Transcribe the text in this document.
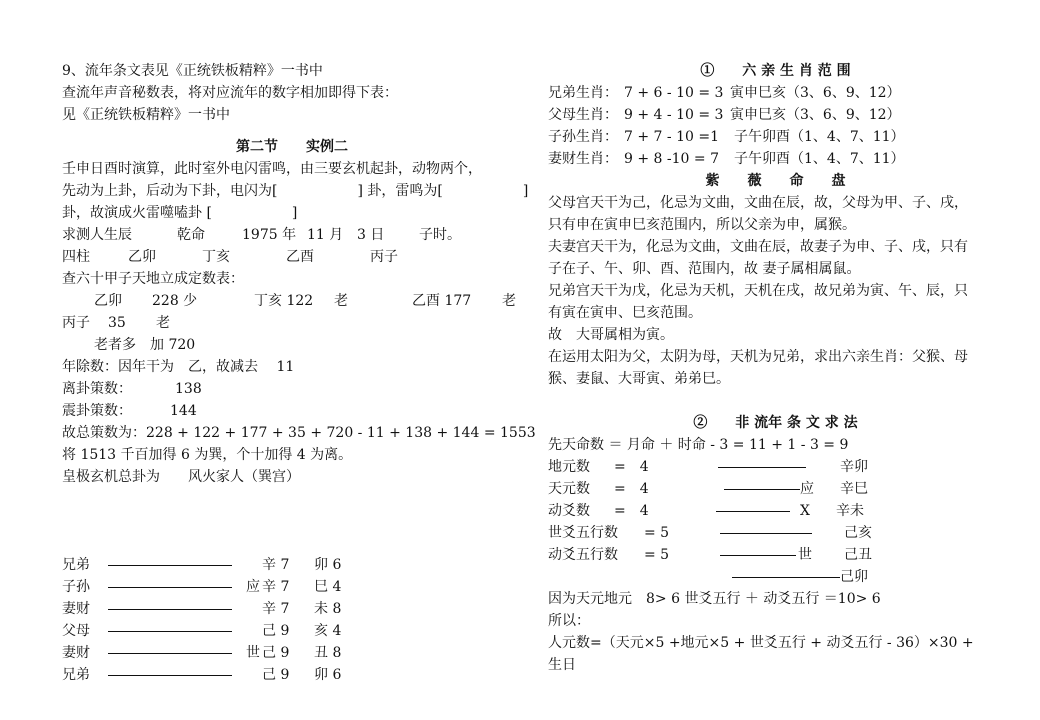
9、流年条文表见《正统铁板精粹》一书中
查流年声音秘数表，将对应流年的数字相加即得下表：
见《正统铁板精粹》一书中
第二节　　实例二
壬申日酉时演算，此时室外电闪雷鸣，由三要玄机起卦，动物两个，
先动为上卦，后动为下卦，电闪为[	] 卦，雷鸣为[	]
卦，故演成火雷噬嗑卦 [	]
求测人生辰	乾命	1975 年 11 月 3 日 子时。
四柱	乙卯	丁亥	乙酉	丙子
查六十甲子天地立成定数表：
乙卯 228 少	丁亥 122 老	乙酉 177 老
丙子 35 老
老者多　加 720
年除数：因年干为　乙，故减去　 11
离卦策数：	138
震卦策数：	144
故总策数为：228 + 122 + 177 + 35 + 720 - 11 + 138 + 144 = 1553
将 1513 千百加得 6 为巽，个十加得 4 为离。
皇极玄机总卦为　　风火家人（巽宫）
兄弟	辛 7 卯 6
子孙	应 辛 7 巳 4
妻财	辛 7 未 8
父母	己 9 亥 4
妻财	世 己 9 丑 8
兄弟	己 9 卯 6
①　　六 亲 生 肖 范 围
兄弟生肖： 7 + 6 - 10 = 3 寅申巳亥（3、6、9、12）
父母生肖： 9 + 4 - 10 = 3 寅申巳亥（3、6、9、12）
子孙生肖： 7 + 7 - 10 =1 子午卯酉（1、4、7、11）
妻财生肖： 9 + 8 -10 = 7 子午卯酉（1、4、7、11）
紫　　薇　　命　　盘
父母宫天干为己，化忌为文曲，文曲在辰，故，父母为甲、子、戌，
只有申在寅申巳亥范围内，所以父亲为申，属猴。
夫妻宫天干为，化忌为文曲，文曲在辰，故妻子为申、子、戌，只有
子在子、午、卯、酉、范围内，故 妻子属相属鼠。
兄弟宫天干为戊，化忌为天机，天机在戌，故兄弟为寅、午、辰，只
有寅在寅申、巳亥范围。
故　大哥属相为寅。
在运用太阳为父，太阴为母，天机为兄弟，求出六亲生肖：父猴、母
猴、妻鼠、大哥寅、弟弟巳。
②　　非 流年 条 文 求 法
先天命数 ＝ 月命 ＋ 时命 - 3 = 11 + 1 - 3 = 9
地元数 =　4	辛卯
天元数 =　4	应 辛巳
动爻数 =　4	X 辛未
世爻五行数 = 5	己亥
动爻五行数 = 5	世 己丑
己卯
因为天元地元　8> 6 世爻五行 ＋ 动爻五行 ＝10> 6
所以：
人元数=（天元×5 +地元×5 + 世爻五行 + 动爻五行 - 36）×30 +
生日
